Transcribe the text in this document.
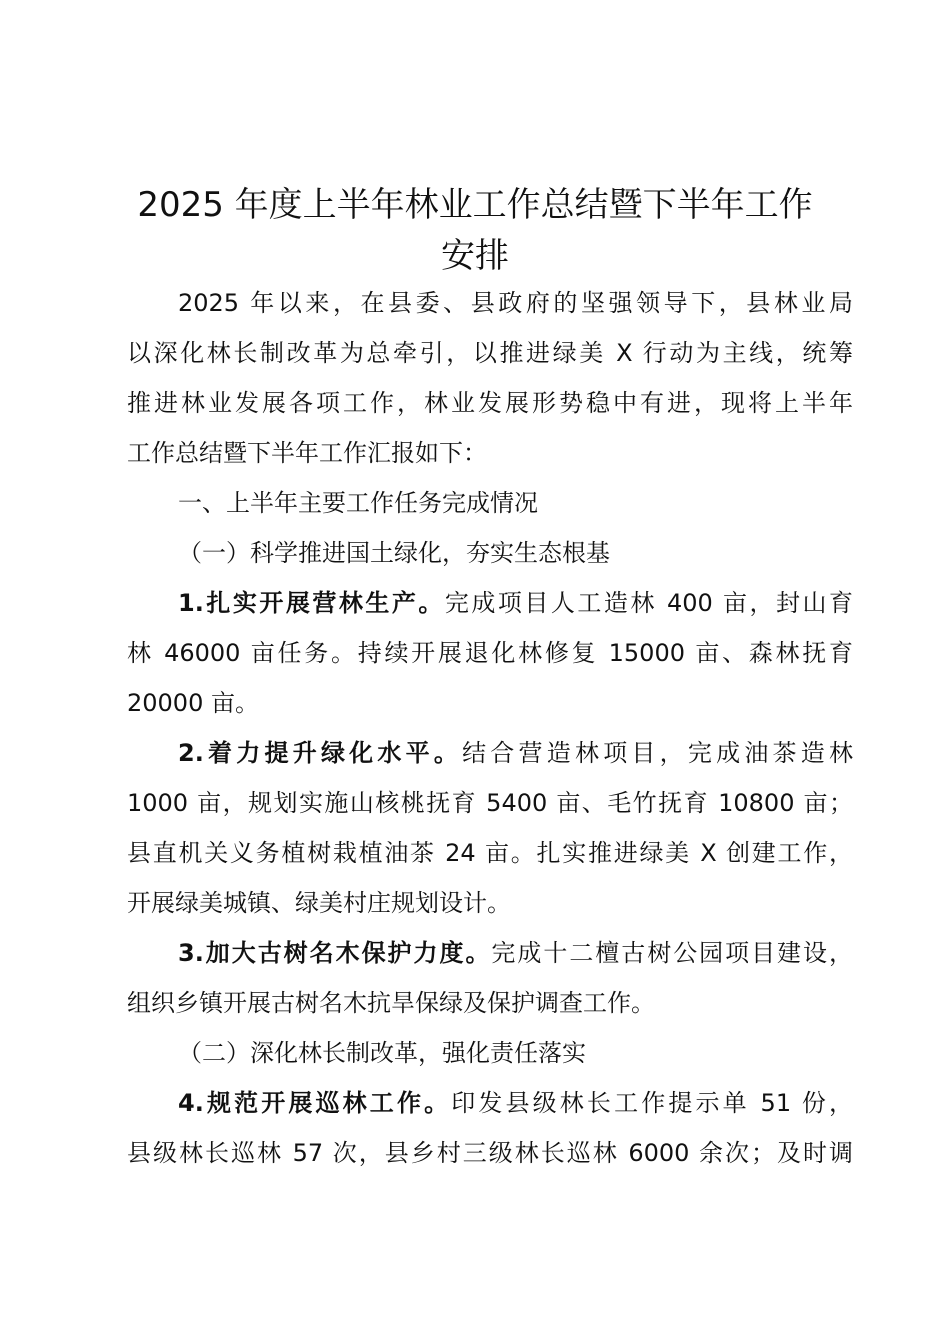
2025 年度上半年林业工作总结暨下半年工作
安排

2025 年以来，在县委、县政府的坚强领导下，县林业局

以深化林长制改革为总牵引，以推进绿美 X 行动为主线，统筹

推进林业发展各项工作，林业发展形势稳中有进，现将上半年

工作总结暨下半年工作汇报如下：

一、上半年主要工作任务完成情况

（一）科学推进国土绿化，夯实生态根基

1.扎实开展营林生产。完成项目人工造林 400 亩，封山育

林 46000 亩任务。持续开展退化林修复 15000 亩、森林抚育

20000 亩。

2.着力提升绿化水平。结合营造林项目，完成油茶造林

1000 亩，规划实施山核桃抚育 5400 亩、毛竹抚育 10800 亩；

县直机关义务植树栽植油茶 24 亩。扎实推进绿美 X 创建工作，

开展绿美城镇、绿美村庄规划设计。

3.加大古树名木保护力度。完成十二檀古树公园项目建设，

组织乡镇开展古树名木抗旱保绿及保护调查工作。

（二）深化林长制改革，强化责任落实

4.规范开展巡林工作。印发县级林长工作提示单 51 份，

县级林长巡林 57 次，县乡村三级林长巡林 6000 余次；及时调
